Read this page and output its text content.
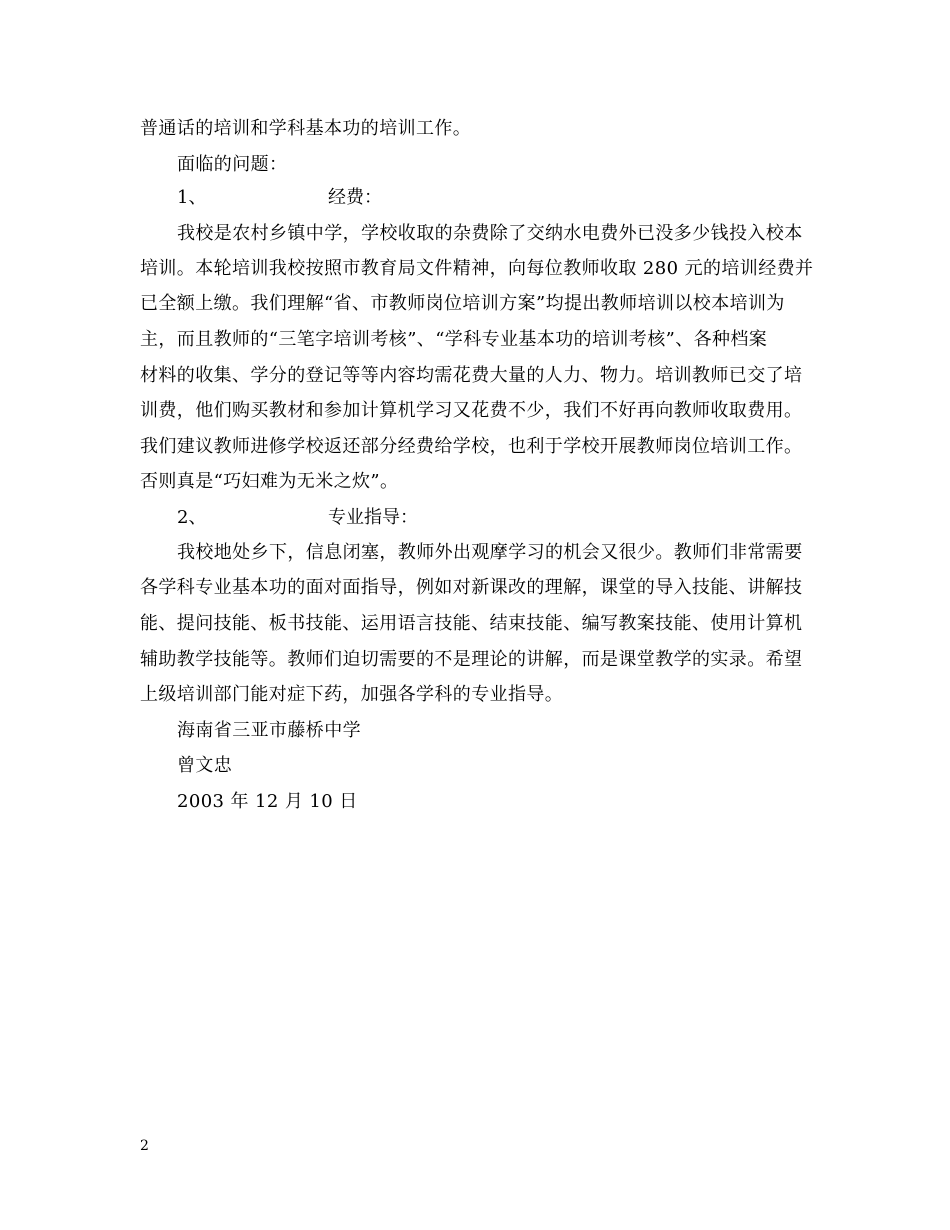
普通话的培训和学科基本功的培训工作。
面临的问题：
1、	经费：
我校是农村乡镇中学，学校收取的杂费除了交纳水电费外已没多少钱投入校本
培训。本轮培训我校按照市教育局文件精神，向每位教师收取 280 元的培训经费并
已全额上缴。我们理解“省、市教师岗位培训方案”均提出教师培训以校本培训为
主，而且教师的“三笔字培训考核”、“学科专业基本功的培训考核”、各种档案
材料的收集、学分的登记等等内容均需花费大量的人力、物力。培训教师已交了培
训费，他们购买教材和参加计算机学习又花费不少，我们不好再向教师收取费用。
我们建议教师进修学校返还部分经费给学校，也利于学校开展教师岗位培训工作。
否则真是“巧妇难为无米之炊”。
2、	专业指导：
我校地处乡下，信息闭塞，教师外出观摩学习的机会又很少。教师们非常需要
各学科专业基本功的面对面指导，例如对新课改的理解，课堂的导入技能、讲解技
能、提问技能、板书技能、运用语言技能、结束技能、编写教案技能、使用计算机
辅助教学技能等。教师们迫切需要的不是理论的讲解，而是课堂教学的实录。希望
上级培训部门能对症下药，加强各学科的专业指导。
海南省三亚市藤桥中学
曾文忠
2003 年 12 月 10 日
2
